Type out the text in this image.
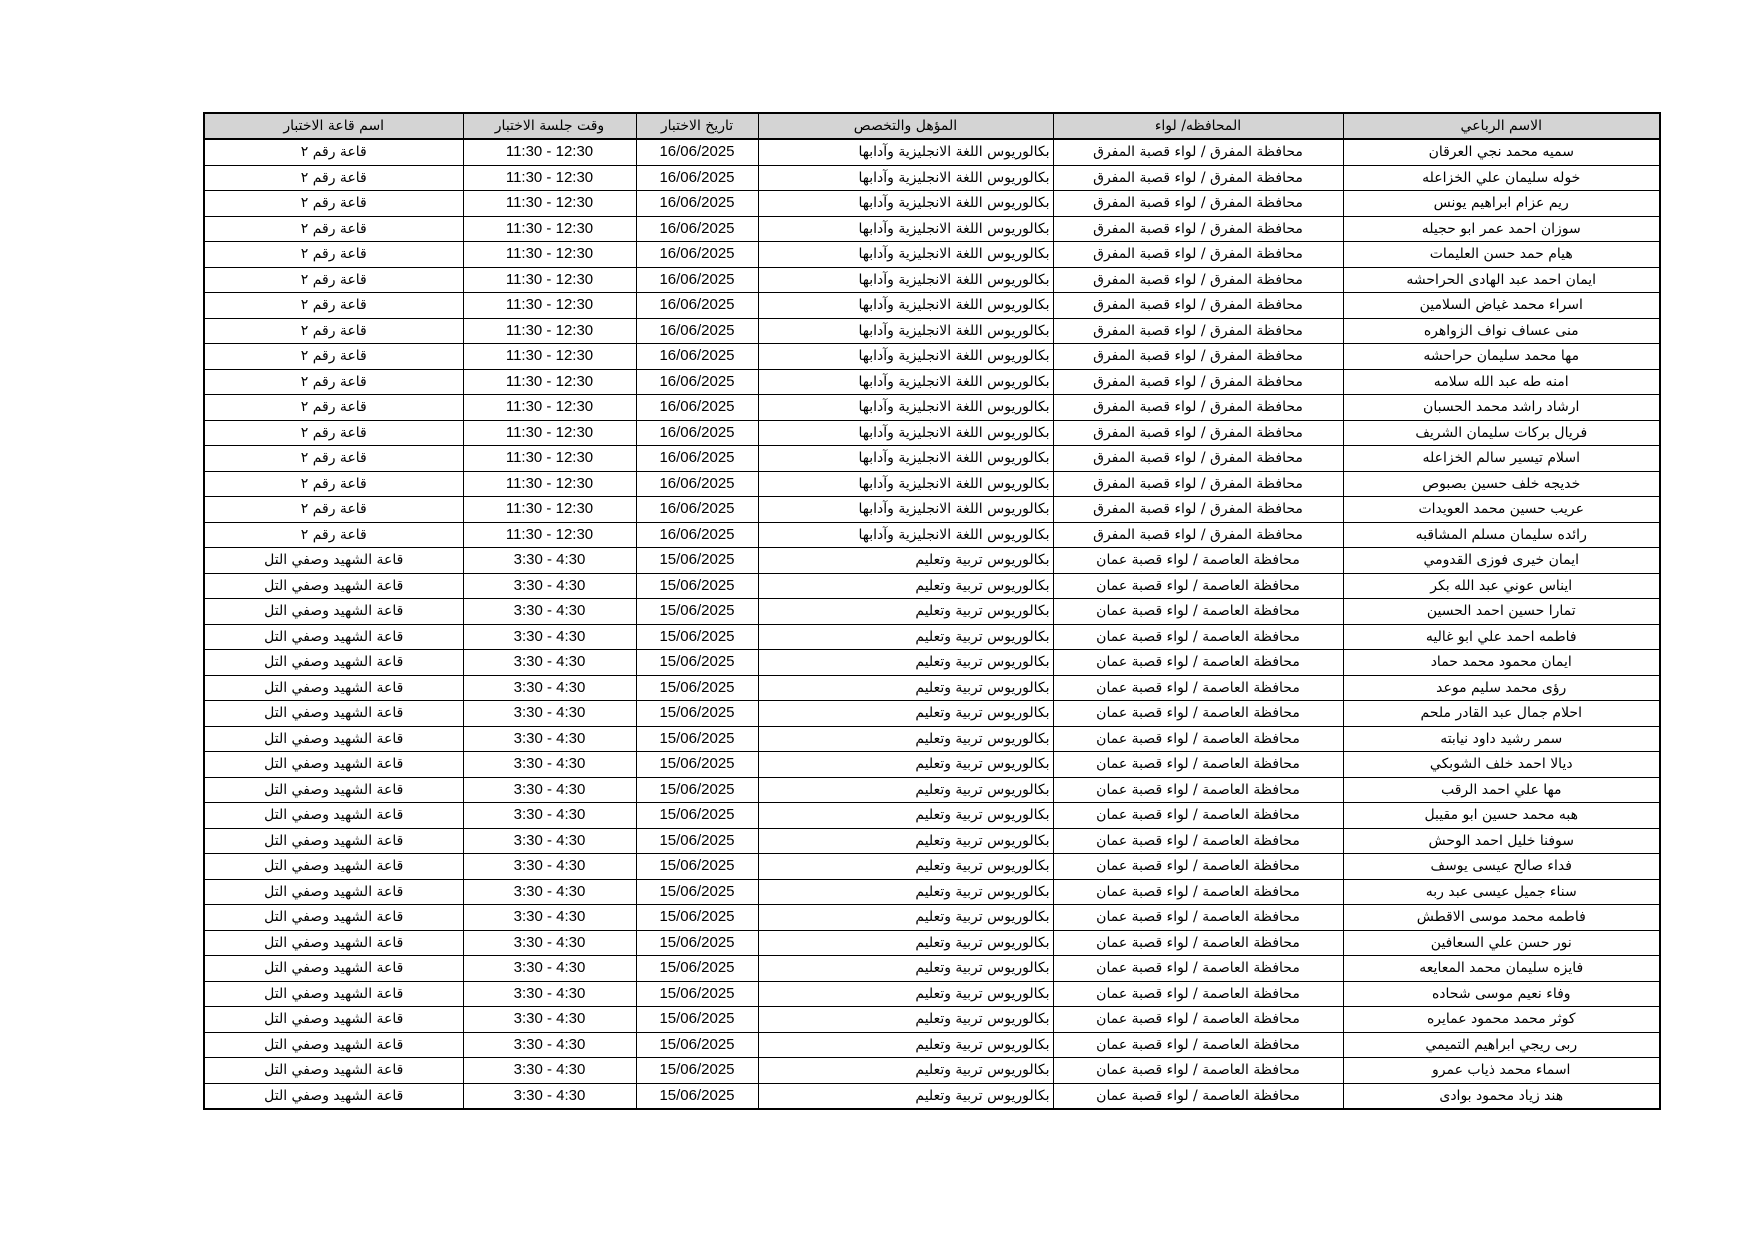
الاسم الرباعي	المحافظه/ لواء	المؤهل والتخصص	تاريخ الاختبار	وقت جلسة الاختبار	اسم قاعة الاختبار
سميه محمد نجي العرقان	محافظة المفرق / لواء قصبة المفرق	بكالوريوس اللغة الانجليزية وآدابها	16/06/2025	11:30 - 12:30	قاعة رقم ٢
خوله سليمان علي الخزاعله	محافظة المفرق / لواء قصبة المفرق	بكالوريوس اللغة الانجليزية وآدابها	16/06/2025	11:30 - 12:30	قاعة رقم ٢
ريم عزام ابراهيم يونس	محافظة المفرق / لواء قصبة المفرق	بكالوريوس اللغة الانجليزية وآدابها	16/06/2025	11:30 - 12:30	قاعة رقم ٢
سوزان احمد عمر ابو حجيله	محافظة المفرق / لواء قصبة المفرق	بكالوريوس اللغة الانجليزية وآدابها	16/06/2025	11:30 - 12:30	قاعة رقم ٢
هيام حمد حسن العليمات	محافظة المفرق / لواء قصبة المفرق	بكالوريوس اللغة الانجليزية وآدابها	16/06/2025	11:30 - 12:30	قاعة رقم ٢
ايمان احمد عبد الهادى الحراحشه	محافظة المفرق / لواء قصبة المفرق	بكالوريوس اللغة الانجليزية وآدابها	16/06/2025	11:30 - 12:30	قاعة رقم ٢
اسراء محمد غياض السلامين	محافظة المفرق / لواء قصبة المفرق	بكالوريوس اللغة الانجليزية وآدابها	16/06/2025	11:30 - 12:30	قاعة رقم ٢
منى عساف نواف الزواهره	محافظة المفرق / لواء قصبة المفرق	بكالوريوس اللغة الانجليزية وآدابها	16/06/2025	11:30 - 12:30	قاعة رقم ٢
مها محمد سليمان حراحشه	محافظة المفرق / لواء قصبة المفرق	بكالوريوس اللغة الانجليزية وآدابها	16/06/2025	11:30 - 12:30	قاعة رقم ٢
امنه طه عبد الله سلامه	محافظة المفرق / لواء قصبة المفرق	بكالوريوس اللغة الانجليزية وآدابها	16/06/2025	11:30 - 12:30	قاعة رقم ٢
ارشاد راشد محمد الحسبان	محافظة المفرق / لواء قصبة المفرق	بكالوريوس اللغة الانجليزية وآدابها	16/06/2025	11:30 - 12:30	قاعة رقم ٢
فريال بركات سليمان الشريف	محافظة المفرق / لواء قصبة المفرق	بكالوريوس اللغة الانجليزية وآدابها	16/06/2025	11:30 - 12:30	قاعة رقم ٢
اسلام تيسير سالم الخزاعله	محافظة المفرق / لواء قصبة المفرق	بكالوريوس اللغة الانجليزية وآدابها	16/06/2025	11:30 - 12:30	قاعة رقم ٢
خديجه خلف حسين بصبوص	محافظة المفرق / لواء قصبة المفرق	بكالوريوس اللغة الانجليزية وآدابها	16/06/2025	11:30 - 12:30	قاعة رقم ٢
عريب حسين محمد العويدات	محافظة المفرق / لواء قصبة المفرق	بكالوريوس اللغة الانجليزية وآدابها	16/06/2025	11:30 - 12:30	قاعة رقم ٢
رائده سليمان مسلم المشاقبه	محافظة المفرق / لواء قصبة المفرق	بكالوريوس اللغة الانجليزية وآدابها	16/06/2025	11:30 - 12:30	قاعة رقم ٢
ايمان خيرى فوزى القدومي	محافظة العاصمة / لواء قصبة عمان	بكالوريوس تربية وتعليم	15/06/2025	3:30 - 4:30	قاعة الشهيد وصفي التل
ايناس عوني عبد الله بكر	محافظة العاصمة / لواء قصبة عمان	بكالوريوس تربية وتعليم	15/06/2025	3:30 - 4:30	قاعة الشهيد وصفي التل
تمارا حسين احمد الحسين	محافظة العاصمة / لواء قصبة عمان	بكالوريوس تربية وتعليم	15/06/2025	3:30 - 4:30	قاعة الشهيد وصفي التل
فاطمه احمد علي ابو غاليه	محافظة العاصمة / لواء قصبة عمان	بكالوريوس تربية وتعليم	15/06/2025	3:30 - 4:30	قاعة الشهيد وصفي التل
ايمان محمود محمد حماد	محافظة العاصمة / لواء قصبة عمان	بكالوريوس تربية وتعليم	15/06/2025	3:30 - 4:30	قاعة الشهيد وصفي التل
رؤى محمد سليم موعد	محافظة العاصمة / لواء قصبة عمان	بكالوريوس تربية وتعليم	15/06/2025	3:30 - 4:30	قاعة الشهيد وصفي التل
احلام جمال عبد القادر ملحم	محافظة العاصمة / لواء قصبة عمان	بكالوريوس تربية وتعليم	15/06/2025	3:30 - 4:30	قاعة الشهيد وصفي التل
سمر رشيد داود نيابته	محافظة العاصمة / لواء قصبة عمان	بكالوريوس تربية وتعليم	15/06/2025	3:30 - 4:30	قاعة الشهيد وصفي التل
ديالا احمد خلف الشوبكي	محافظة العاصمة / لواء قصبة عمان	بكالوريوس تربية وتعليم	15/06/2025	3:30 - 4:30	قاعة الشهيد وصفي التل
مها علي احمد الرقب	محافظة العاصمة / لواء قصبة عمان	بكالوريوس تربية وتعليم	15/06/2025	3:30 - 4:30	قاعة الشهيد وصفي التل
هبه محمد حسين ابو مقيبل	محافظة العاصمة / لواء قصبة عمان	بكالوريوس تربية وتعليم	15/06/2025	3:30 - 4:30	قاعة الشهيد وصفي التل
سوفنا خليل احمد الوحش	محافظة العاصمة / لواء قصبة عمان	بكالوريوس تربية وتعليم	15/06/2025	3:30 - 4:30	قاعة الشهيد وصفي التل
فداء صالح عيسى يوسف	محافظة العاصمة / لواء قصبة عمان	بكالوريوس تربية وتعليم	15/06/2025	3:30 - 4:30	قاعة الشهيد وصفي التل
سناء جميل عيسى عبد ربه	محافظة العاصمة / لواء قصبة عمان	بكالوريوس تربية وتعليم	15/06/2025	3:30 - 4:30	قاعة الشهيد وصفي التل
فاطمه محمد موسى الاقطش	محافظة العاصمة / لواء قصبة عمان	بكالوريوس تربية وتعليم	15/06/2025	3:30 - 4:30	قاعة الشهيد وصفي التل
نور حسن علي السعافين	محافظة العاصمة / لواء قصبة عمان	بكالوريوس تربية وتعليم	15/06/2025	3:30 - 4:30	قاعة الشهيد وصفي التل
فايزه سليمان محمد المعايعه	محافظة العاصمة / لواء قصبة عمان	بكالوريوس تربية وتعليم	15/06/2025	3:30 - 4:30	قاعة الشهيد وصفي التل
وفاء نعيم موسى شحاده	محافظة العاصمة / لواء قصبة عمان	بكالوريوس تربية وتعليم	15/06/2025	3:30 - 4:30	قاعة الشهيد وصفي التل
كوثر محمد محمود عمايره	محافظة العاصمة / لواء قصبة عمان	بكالوريوس تربية وتعليم	15/06/2025	3:30 - 4:30	قاعة الشهيد وصفي التل
ربى ريجي ابراهيم التميمي	محافظة العاصمة / لواء قصبة عمان	بكالوريوس تربية وتعليم	15/06/2025	3:30 - 4:30	قاعة الشهيد وصفي التل
اسماء محمد ذياب عمرو	محافظة العاصمة / لواء قصبة عمان	بكالوريوس تربية وتعليم	15/06/2025	3:30 - 4:30	قاعة الشهيد وصفي التل
هند زياد محمود بوادى	محافظة العاصمة / لواء قصبة عمان	بكالوريوس تربية وتعليم	15/06/2025	3:30 - 4:30	قاعة الشهيد وصفي التل
